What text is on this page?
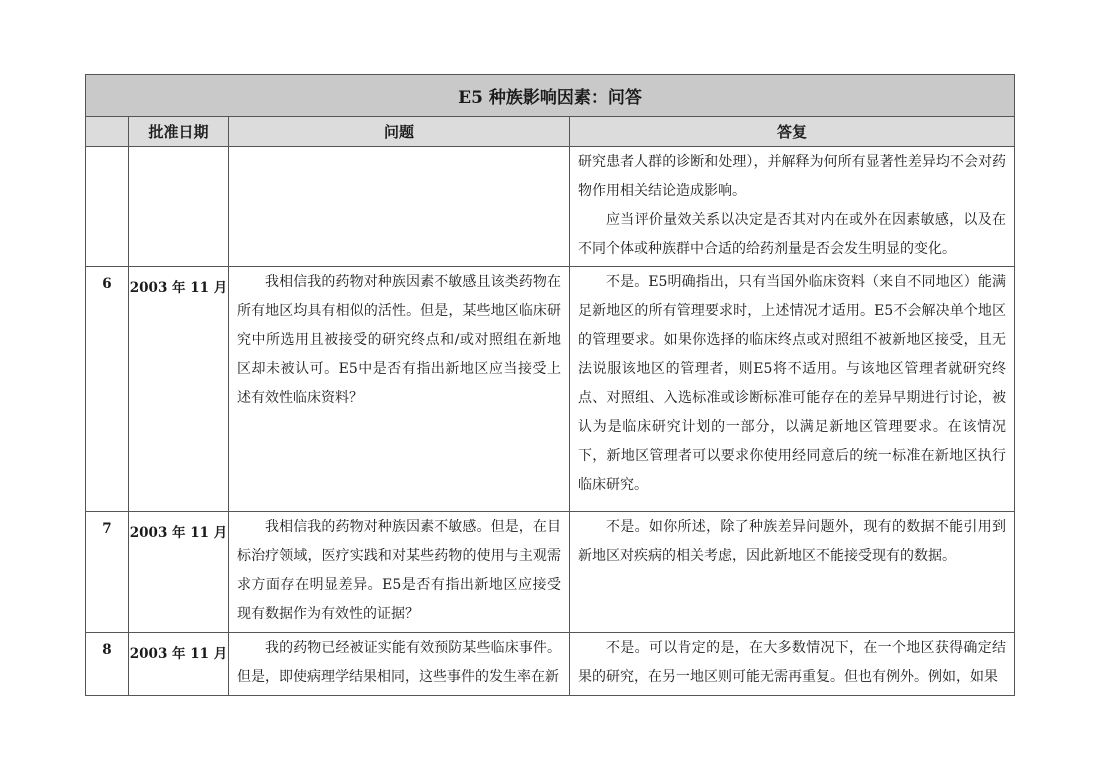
E5 种族影响因素：问答			
	批准日期	问题	答复

			研究患者人群的诊断和处理），并解释为何所有显著性差异均不会对药物作用相关结论造成影响。

应当评价量效关系以决定是否其对内在或外在因素敏感，以及在不同个体或种族群中合适的给药剂量是否会发生明显的变化。

6	2003 年 11 月	我相信我的药物对种族因素不敏感且该类药物在所有地区均具有相似的活性。但是，某些地区临床研究中所选用且被接受的研究终点和/或对照组在新地区却未被认可。E5中是否有指出新地区应当接受上述有效性临床资料？	不是。E5明确指出，只有当国外临床资料（来自不同地区）能满足新地区的所有管理要求时，上述情况才适用。E5不会解决单个地区的管理要求。如果你选择的临床终点或对照组不被新地区接受，且无法说服该地区的管理者，则E5将不适用。与该地区管理者就研究终点、对照组、入选标准或诊断标准可能存在的差异早期进行讨论，被认为是临床研究计划的一部分，以满足新地区管理要求。在该情况下，新地区管理者可以要求你使用经同意后的统一标准在新地区执行临床研究。

7	2003 年 11 月	我相信我的药物对种族因素不敏感。但是，在目标治疗领域，医疗实践和对某些药物的使用与主观需求方面存在明显差异。E5是否有指出新地区应接受现有数据作为有效性的证据？	不是。如你所述，除了种族差异问题外，现有的数据不能引用到新地区对疾病的相关考虑，因此新地区不能接受现有的数据。

8	2003 年 11 月	我的药物已经被证实能有效预防某些临床事件。但是，即使病理学结果相同，这些事件的发生率在新	不是。可以肯定的是，在大多数情况下，在一个地区获得确定结果的研究，在另一地区则可能无需再重复。但也有例外。例如，如果
